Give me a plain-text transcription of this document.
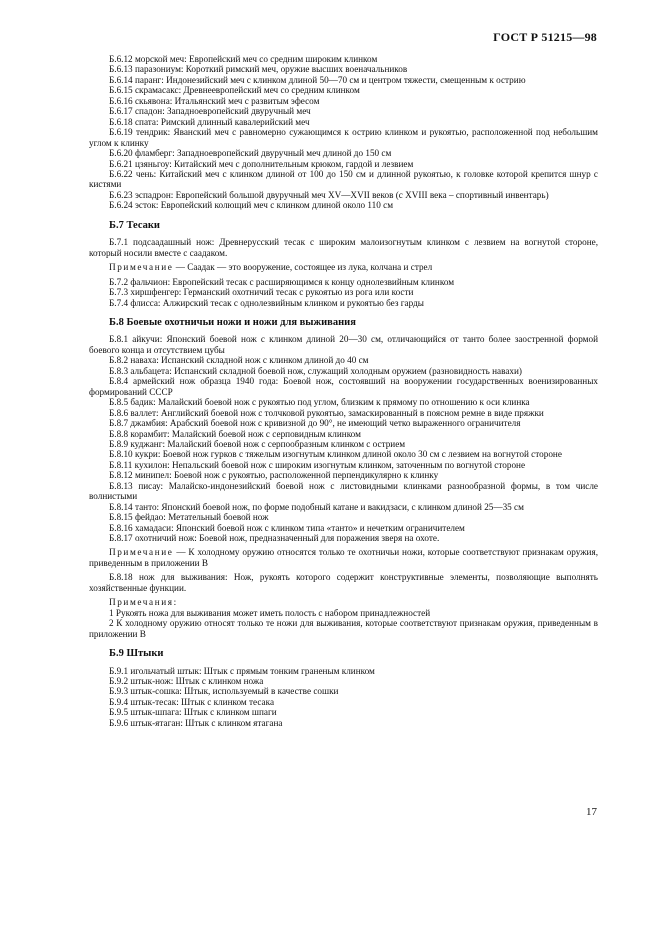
ГОСТ Р 51215—98

Б.6.12 морской меч: Европейский меч со средним широким клинком

Б.6.13 паразониум: Короткий римский меч, оружие высших военачальников

Б.6.14 паранг: Индонезийский меч с клинком длиной 50—70 см и центром тяжести, смещенным к острию

Б.6.15 скрамасакс: Древнеевропейский меч со средним клинком

Б.6.16 скьявона: Итальянский меч с развитым эфесом

Б.6.17 спадон: Западноевропейский двуручный меч

Б.6.18 спата: Римский длинный кавалерийский меч

Б.6.19 тендрик: Яванский меч с равномерно сужающимся к острию клинком и рукоятью, расположенной под небольшим углом к клинку

Б.6.20 фламберг: Западноевропейский двуручный меч длиной до 150 см

Б.6.21 цзяньгоу: Китайский меч с дополнительным крюком, гардой и лезвием

Б.6.22 чень: Китайский меч с клинком длиной от 100 до 150 см и длинной рукоятью, к головке которой крепится шнур с кистями

Б.6.23 эспадрон: Европейский большой двуручный меч XV—XVII веков (с XVIII века – спортивный инвентарь)

Б.6.24 эсток: Европейский колющий меч с клинком длиной около 110 см

Б.7 Тесаки

Б.7.1 подсаадашный нож: Древнерусский тесак с широким малоизогнутым клинком с лезвием на вогнутой стороне, который носили вместе с саадаком.

Примечание — Саадак — это вооружение, состоящее из лука, колчана и стрел

Б.7.2 фальчион: Европейский тесак с расширяющимся к концу однолезвийным клинком

Б.7.3 хиршфенгер: Германский охотничий тесак с рукоятью из рога или кости

Б.7.4 флисса: Алжирский тесак с однолезвийным клинком и рукоятью без гарды

Б.8 Боевые охотничьи ножи и ножи для выживания

Б.8.1 айкучи: Японский боевой нож с клинком длиной 20—30 см, отличающийся от танто более заостренной формой боевого конца и отсутствием цубы

Б.8.2 наваха: Испанский складной нож с клинком длиной до 40 см

Б.8.3 альбацета: Испанский складной боевой нож, служащий холодным оружием (разновидность навахи)

Б.8.4 армейский нож образца 1940 года: Боевой нож, состоявший на вооружении государственных военизированных формирований СССР

Б.8.5 бадик: Малайский боевой нож с рукоятью под углом, близким к прямому по отношению к оси клинка

Б.8.6 валлет: Английский боевой нож с толчковой рукоятью, замаскированный в поясном ремне в виде пряжки

Б.8.7 джамбия: Арабский боевой нож с кривизной до 90°, не имеющий четко выраженного ограничителя

Б.8.8 корамбит: Малайский боевой нож с серповидным клинком

Б.8.9 куджанг: Малайский боевой нож с серпообразным клинком с острием

Б.8.10 кукри: Боевой нож гурков с тяжелым изогнутым клинком длиной около 30 см с лезвием на вогнутой стороне

Б.8.11 кухилон: Непальский боевой нож с широким изогнутым клинком, заточенным по вогнутой стороне

Б.8.12 минипел: Боевой нож с рукоятью, расположенной перпендикулярно к клинку

Б.8.13 писау: Малайско-индонезийский боевой нож с листовидными клинками разнообразной формы, в том числе волнистыми

Б.8.14 танто: Японский боевой нож, по форме подобный катане и вакидзаси, с клинком длиной 25—35 см

Б.8.15 фейдао: Метательный боевой нож

Б.8.16 хамадаси: Японский боевой нож с клинком типа «танто» и нечетким ограничителем

Б.8.17 охотничий нож: Боевой нож, предназначенный для поражения зверя на охоте.

Примечание — К холодному оружию относятся только те охотничьи ножи, которые соответствуют признакам оружия, приведенным в приложении В

Б.8.18 нож для выживания: Нож, рукоять которого содержит конструктивные элементы, позволяющие выполнять хозяйственные функции.

Примечания:

1 Рукоять ножа для выживания может иметь полость с набором принадлежностей

2 К холодному оружию относят только те ножи для выживания, которые соответствуют признакам оружия, приведенным в приложении В

Б.9 Штыки

Б.9.1 игольчатый штык: Штык с прямым тонким граненым клинком

Б.9.2 штык-нож: Штык с клинком ножа

Б.9.3 штык-сошка: Штык, используемый в качестве сошки

Б.9.4 штык-тесак: Штык с клинком тесака

Б.9.5 штык-шпага: Штык с клинком шпаги

Б.9.6 штык-ятаган: Штык с клинком ятагана

17
